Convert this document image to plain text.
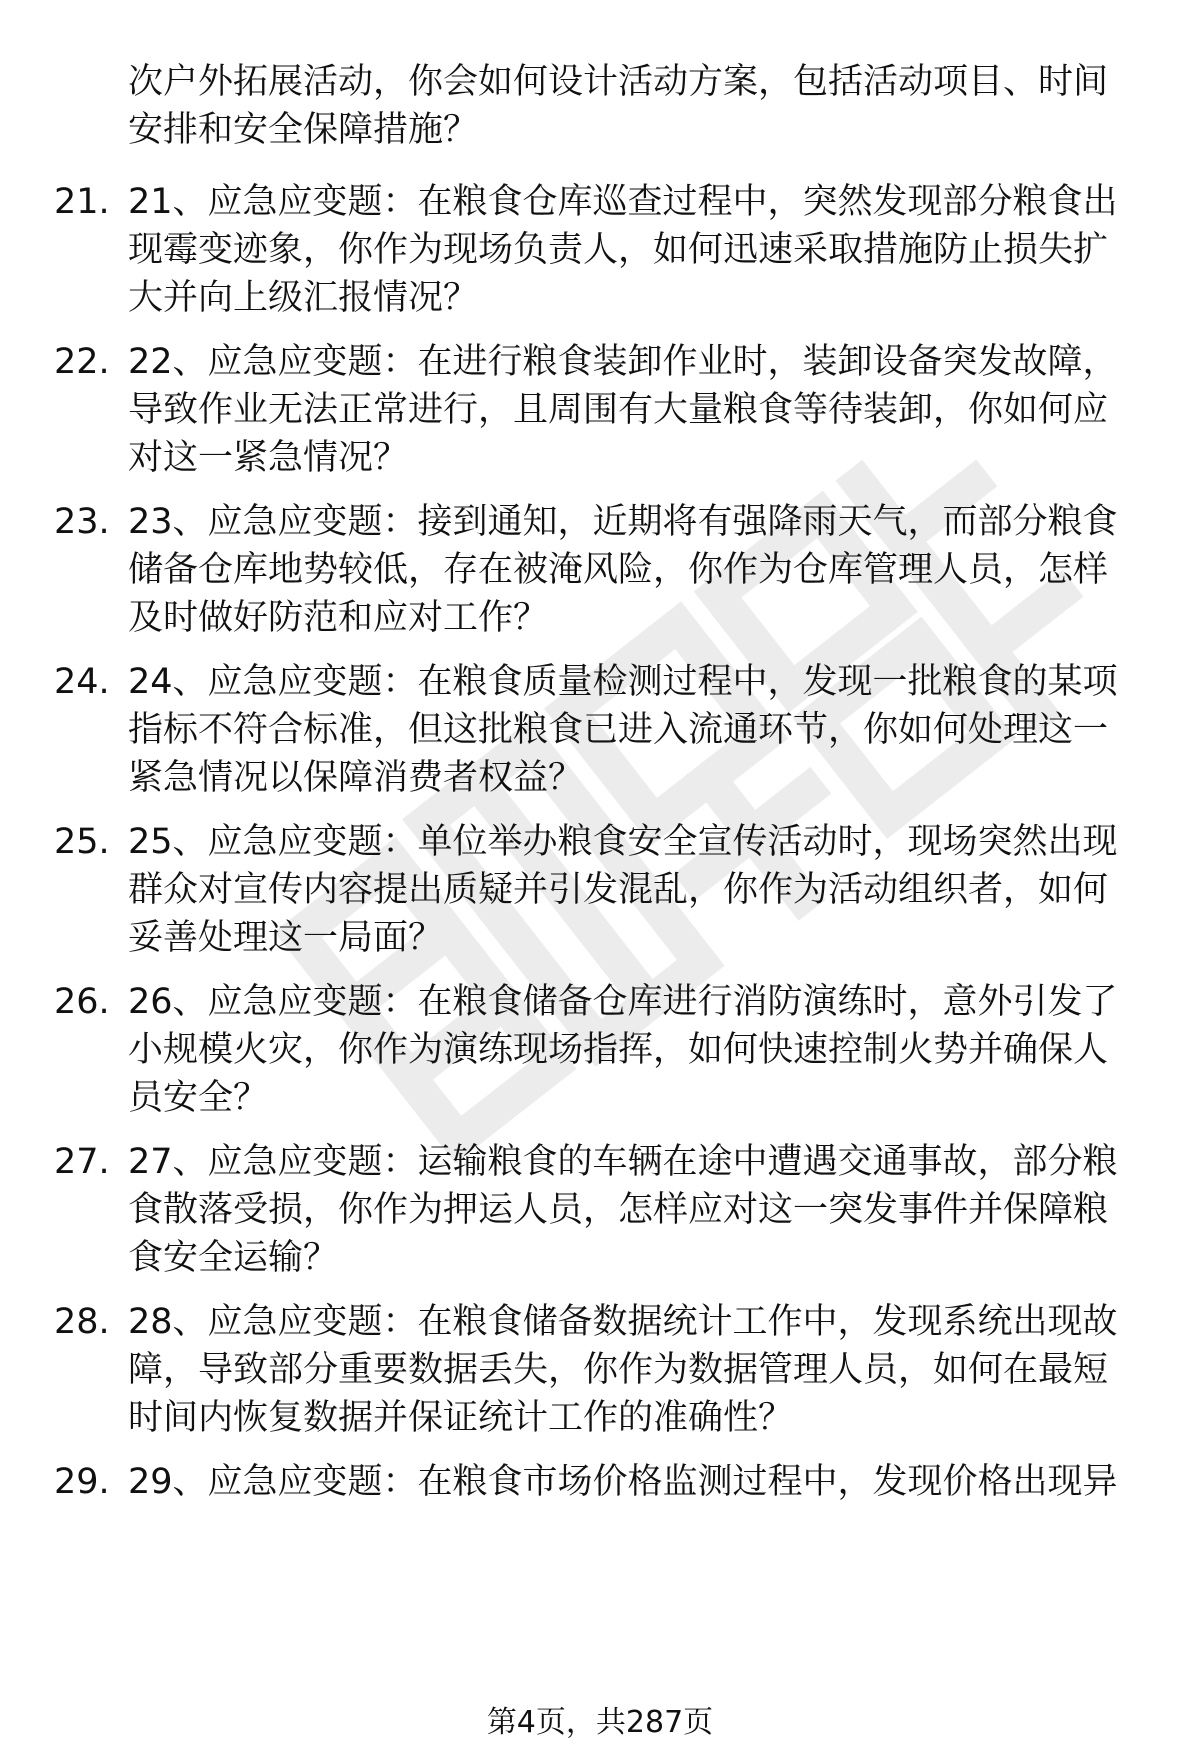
次户外拓展活动，你会如何设计活动方案，包括活动项目、时间安排和安全保障措施？
21. 21、应急应变题：在粮食仓库巡查过程中，突然发现部分粮食出现霉变迹象，你作为现场负责人，如何迅速采取措施防止损失扩大并向上级汇报情况？
22. 22、应急应变题：在进行粮食装卸作业时，装卸设备突发故障，导致作业无法正常进行，且周围有大量粮食等待装卸，你如何应对这一紧急情况？
23. 23、应急应变题：接到通知，近期将有强降雨天气，而部分粮食储备仓库地势较低，存在被淹风险，你作为仓库管理人员，怎样及时做好防范和应对工作？
24. 24、应急应变题：在粮食质量检测过程中，发现一批粮食的某项指标不符合标准，但这批粮食已进入流通环节，你如何处理这一紧急情况以保障消费者权益？
25. 25、应急应变题：单位举办粮食安全宣传活动时，现场突然出现群众对宣传内容提出质疑并引发混乱，你作为活动组织者，如何妥善处理这一局面？
26. 26、应急应变题：在粮食储备仓库进行消防演练时，意外引发了小规模火灾，你作为演练现场指挥，如何快速控制火势并确保人员安全？
27. 27、应急应变题：运输粮食的车辆在途中遭遇交通事故，部分粮食散落受损，你作为押运人员，怎样应对这一突发事件并保障粮食安全运输？
28. 28、应急应变题：在粮食储备数据统计工作中，发现系统出现故障，导致部分重要数据丢失，你作为数据管理人员，如何在最短时间内恢复数据并保证统计工作的准确性？
29. 29、应急应变题：在粮食市场价格监测过程中，发现价格出现异
第4页，共287页
